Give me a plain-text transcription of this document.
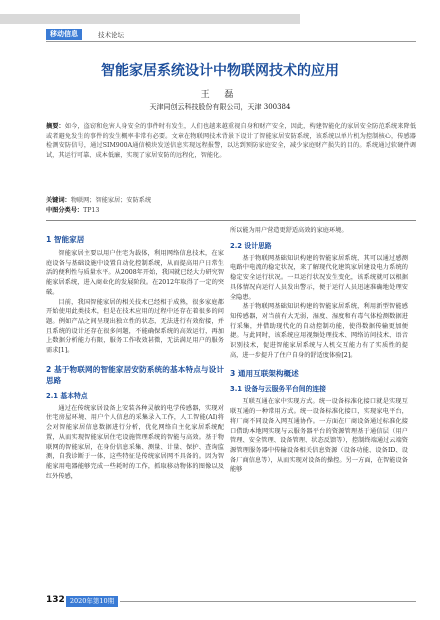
移动信息	技术论坛
智能家居系统设计中物联网技术的应用
王 磊
天津同创云科技股份有限公司，天津 300384
摘要：如今，盗窃和危害人身安全的事件时有发生，人们也越来越重视自身和财产安全，因此，构建智能化的家居安全防范系统来降低或者避免发生的事件的发生概率非常有必要。文章在物联网技术背景下设计了智能家居安防系统，该系统以单片机为控制核心，传感器检测安防信号，通过SIM900A通信模块发送信息实现远程报警，以达到预防家庭安全，减少家庭财产损失的目的。系统通过软硬件调试，其运行可靠、成本低廉，实现了家居安防的远程化，智能化。
关键词：物联网；智能家居；安防系统
中图分类号：TP13
1 智能家居

智能家居主要以用户住宅为载体，利用网络信息技术，在家庭设备与基础设施中设置自动化控制系统，从而提高用户日常生活的便利性与质量水平。从2008年开始，我国就已经大力研究智能家居系统，进入商业化的发展阶段。在2012年取得了一定的突破。

目前，我国智能家居的相关技术已经相于成熟，很多家庭都开始使用此类技术，但是在技术应用的过程中还存在着很多的问题。例如产品之间呈现出独立性的状态，无法进行有效衔接，并且系统的设计还存在很多问题，不能确保系统的高效运行，再加上数据分析能力有限，服务工作收效甚微，无法满足用户的服务需求[1]。

2 基于物联网的智能家居安防系统的基本特点与设计思路
2.1 基本特点

通过在传统家居设备上安装各种灵敏的电学传感器，实现对住宅房屋环境、用户个人信息的采集录入工作，人工智能(AI)将会对智能家居信息数据进行分析，优化网络自主化家居系统配置，从而实现智能家居住宅设施管理系统的智能与高效。基于物联网的智能家居，在身份信息采集、测量、计量、保护、查询监测，自我诊断于一体，这些特征是传统家居网不具备的。因为智能家用电器能够完成一些耗时的工作，抓取移动物体的图像以及红外传感，

所以能为用户营造更舒适高效的家庭环境。

2.2 设计思路

基于物联网基础知识构建的智能家居系统，其可以通过感测电路中电流的稳定状况，来了解现代化建筑家居建设电力系统的稳定安全运行状况。一旦运行状况发生变化，该系统就可以根据具体情况向运行人员发出警示，便于运行人员迅速准确地处理安全隐患。

基于物联网基础知识构建的智能家居系统，利用新型智能感知传感器，对当前有大无弱，湿度、湿度和有毒气体检测数据进行采集，并借助现代化的自动控制功能，使得数据传输更加便捷。与此同时，该系统应用视频处理技术、网络访问技术、语音识别技术，促进智能家居系统与人机交互能力有了实质性的提高，进一步提升了住户自身的舒适度体验[2]。

3 通用互联架构概述
3.1 设备与云服务平台间的连接

互联互通在家中实现方式。统一设备标准化接口就是实现互联互通的一种常用方式。统一设备标准化接口，实现家电平台，将厂商不同设备入网互通协作。一方面在厂商设备通过标准化接口借助本地网实现与云服务器平台的资源管理基于通信层（用户管理、安全管理、设备管理、状态反馈等），控制终端通过云端资源管理服务器中传输设备相关信息资源（设备功能、设备ID、设备厂商信息等），从而实现对设备的操控。另一方面，在智能设备能够

132 2020年第10期
